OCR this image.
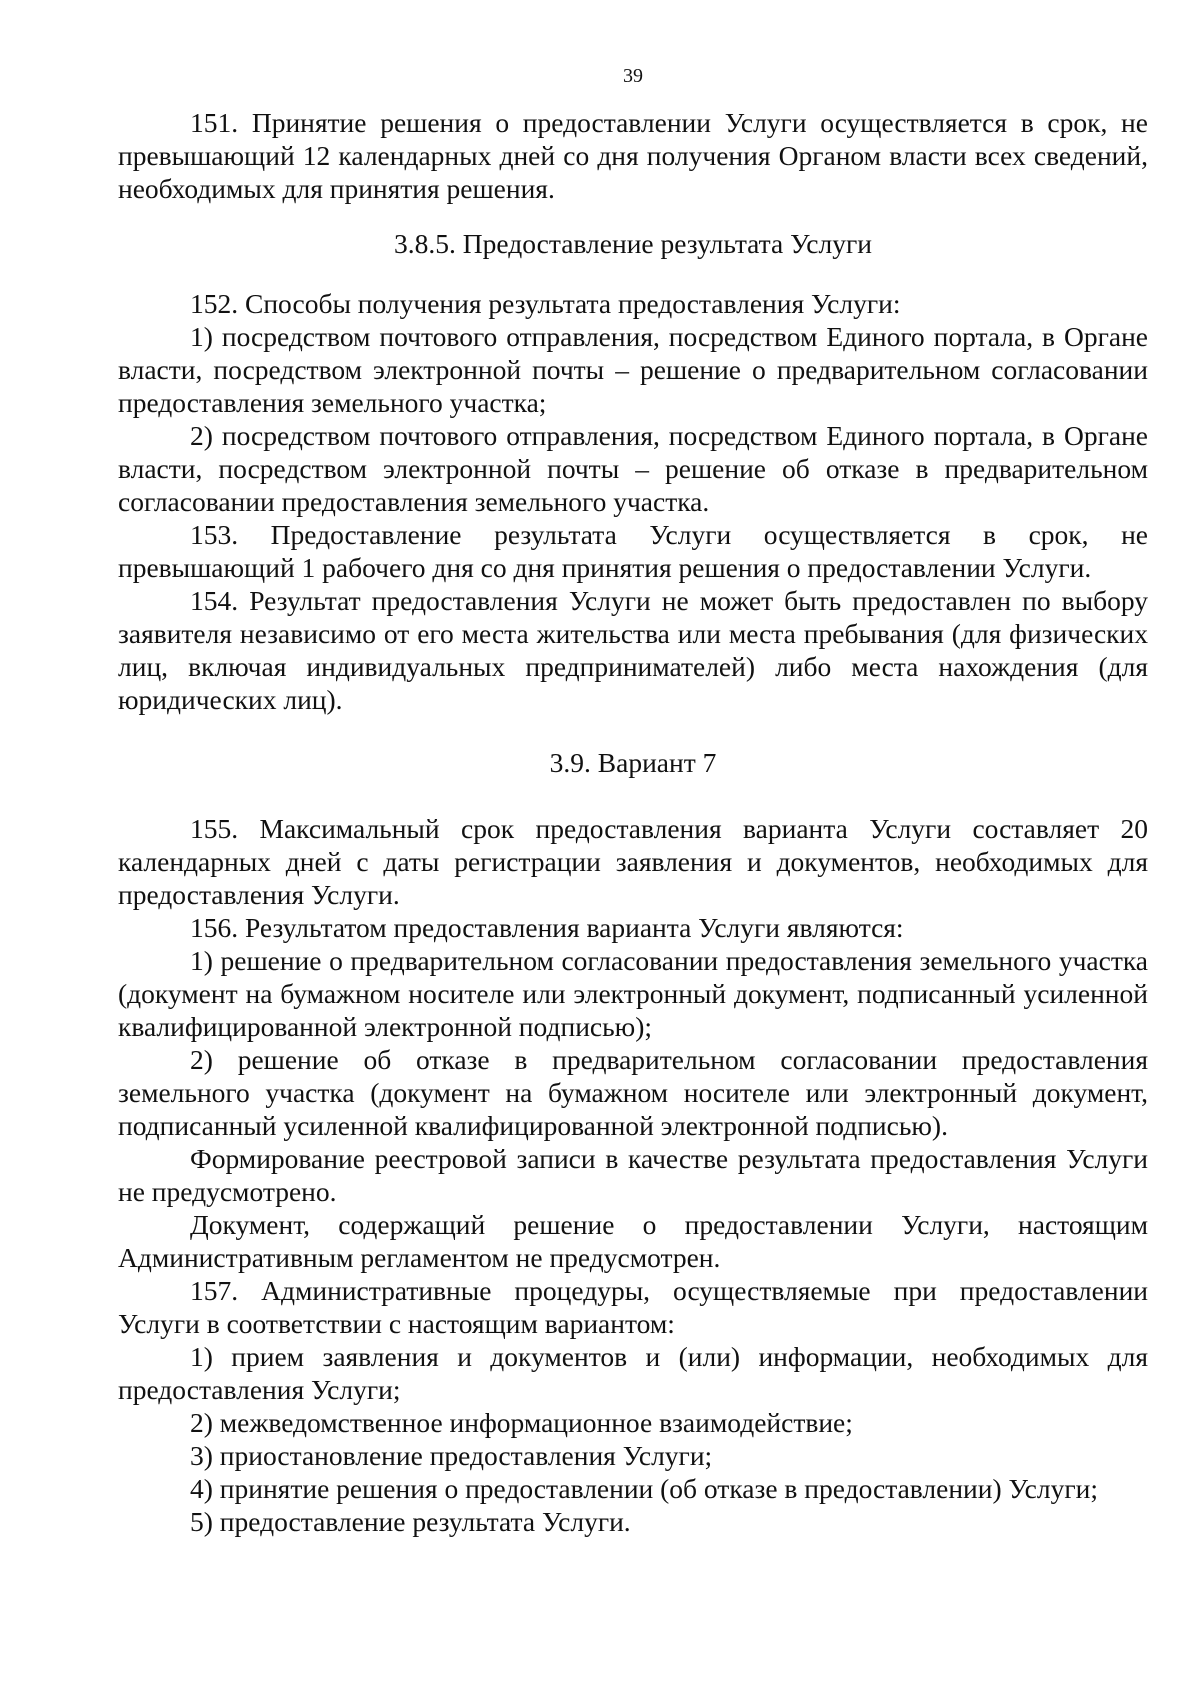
39

151. Принятие решения о предоставлении Услуги осуществляется в срок, не превышающий 12 календарных дней со дня получения Органом власти всех сведений, необходимых для принятия решения.

3.8.5. Предоставление результата Услуги

152. Способы получения результата предоставления Услуги:

1) посредством почтового отправления, посредством Единого портала, в Органе власти, посредством электронной почты – решение о предварительном согласовании предоставления земельного участка;

2) посредством почтового отправления, посредством Единого портала, в Органе власти, посредством электронной почты – решение об отказе в предварительном согласовании предоставления земельного участка.

153. Предоставление результата Услуги осуществляется в срок, не превышающий 1 рабочего дня со дня принятия решения о предоставлении Услуги.

154. Результат предоставления Услуги не может быть предоставлен по выбору заявителя независимо от его места жительства или места пребывания (для физических лиц, включая индивидуальных предпринимателей) либо места нахождения (для юридических лиц).

3.9. Вариант 7

155. Максимальный срок предоставления варианта Услуги составляет 20 календарных дней с даты регистрации заявления и документов, необходимых для предоставления Услуги.

156. Результатом предоставления варианта Услуги являются:

1) решение о предварительном согласовании предоставления земельного участка (документ на бумажном носителе или электронный документ, подписанный усиленной квалифицированной электронной подписью);

2) решение об отказе в предварительном согласовании предоставления земельного участка (документ на бумажном носителе или электронный документ, подписанный усиленной квалифицированной электронной подписью).

Формирование реестровой записи в качестве результата предоставления Услуги не предусмотрено.

Документ, содержащий решение о предоставлении Услуги, настоящим Административным регламентом не предусмотрен.

157. Административные процедуры, осуществляемые при предоставлении Услуги в соответствии с настоящим вариантом:

1) прием заявления и документов и (или) информации, необходимых для предоставления Услуги;

2) межведомственное информационное взаимодействие;

3) приостановление предоставления Услуги;

4) принятие решения о предоставлении (об отказе в предоставлении) Услуги;

5) предоставление результата Услуги.
